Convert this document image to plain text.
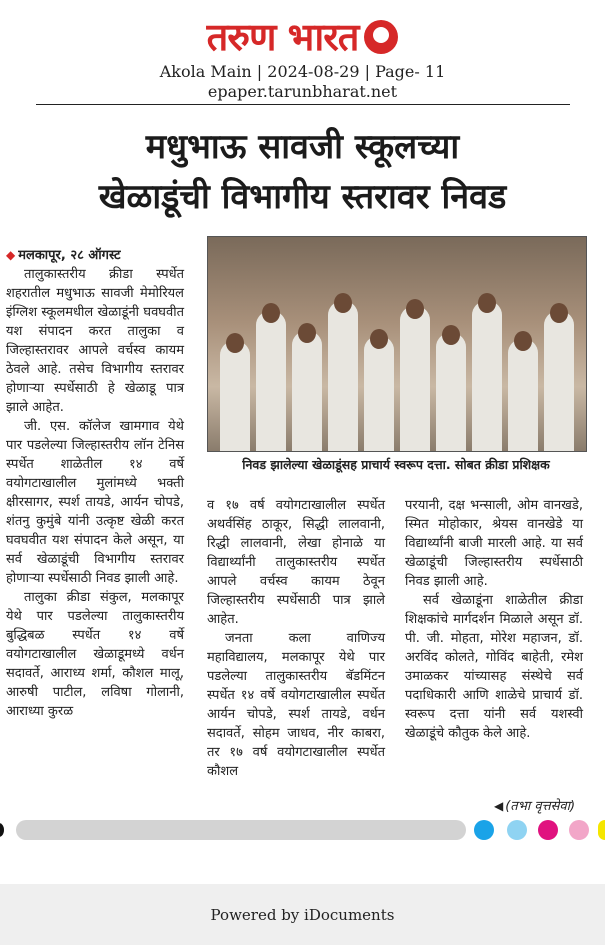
तरुण भारत
Akola Main | 2024-08-29 | Page- 11
epaper.tarunbharat.net
मधुभाऊ सावजी स्कूलच्या
खेळाडूंची विभागीय स्तरावर निवड

◆ मलकापूर, २८ ऑगस्ट

तालुकास्तरीय क्रीडा स्पर्धेत शहरातील मधुभाऊ सावजी मेमोरियल इंग्लिश स्कूलमधील खेळाडूंनी घवघवीत यश संपादन करत तालुका व जिल्हास्तरावर आपले वर्चस्व कायम ठेवले आहे. तसेच विभागीय स्तरावर होणाऱ्या स्पर्धेसाठी हे खेळाडू पात्र झाले आहेत.

जी. एस. कॉलेज खामगाव येथे पार पडलेल्या जिल्हास्तरीय लॉन टेनिस स्पर्धेत शाळेतील १४ वर्षे वयोगटाखालील मुलांमध्ये भक्ती क्षीरसागर, स्पर्श तायडे, आर्यन चोपडे, शंतनु कुमुंबे यांनी उत्कृष्ट खेळी करत घवघवीत यश संपादन केले असून, या सर्व खेळाडूंची विभागीय स्तरावर होणाऱ्या स्पर्धेसाठी निवड झाली आहे.

तालुका क्रीडा संकुल, मलकापूर येथे पार पडलेल्या तालुकास्तरीय बुद्धिबळ स्पर्धेत १४ वर्षे वयोगटाखालील खेळाडूमध्ये वर्धन सदावर्ते, आराध्य शर्मा, कौशल मालू, आरुषी पाटील, लविषा गोलानी, आराध्या कुरळ

निवड झालेल्या खेळाडूंसह प्राचार्य स्वरूप दत्ता. सोबत क्रीडा प्रशिक्षक

व १७ वर्ष वयोगटाखालील स्पर्धेत अथर्वसिंह ठाकूर, सिद्धी लालवानी, रिद्धी लालवानी, लेखा होनाळे या विद्यार्थ्यांनी तालुकास्तरीय स्पर्धेत आपले वर्चस्व कायम ठेवून जिल्हास्तरीय स्पर्धेसाठी पात्र झाले आहेत.

जनता कला वाणिज्य महाविद्यालय, मलकापूर येथे पार पडलेल्या तालुकास्तरीय बॅडमिंटन स्पर्धेत १४ वर्षे वयोगटाखालील स्पर्धेत आर्यन चोपडे, स्पर्श तायडे, वर्धन सदावर्ते, सोहम जाधव, नीर काबरा, तर १७ वर्ष वयोगटाखालील स्पर्धेत कौशल

परयानी, दक्ष भन्साली, ओम वानखडे, स्मित मोहोकार, श्रेयस वानखेडे या विद्यार्थ्यांनी बाजी मारली आहे. या सर्व खेळाडूंची जिल्हास्तरीय स्पर्धेसाठी निवड झाली आहे.

सर्व खेळाडूंना शाळेतील क्रीडा शिक्षकांचे मार्गदर्शन मिळाले असून डॉ. पी. जी. मोहता, मोरेश महाजन, डॉ. अरविंद कोलते, गोविंद बाहेती, रमेश उमाळकर यांच्यासह संस्थेचे सर्व पदाधिकारी आणि शाळेचे प्राचार्य डॉ. स्वरूप दत्ता यांनी सर्व यशस्वी खेळाडूंचे कौतुक केले आहे.

◀ (तभा वृत्तसेवा)
Powered by iDocuments
